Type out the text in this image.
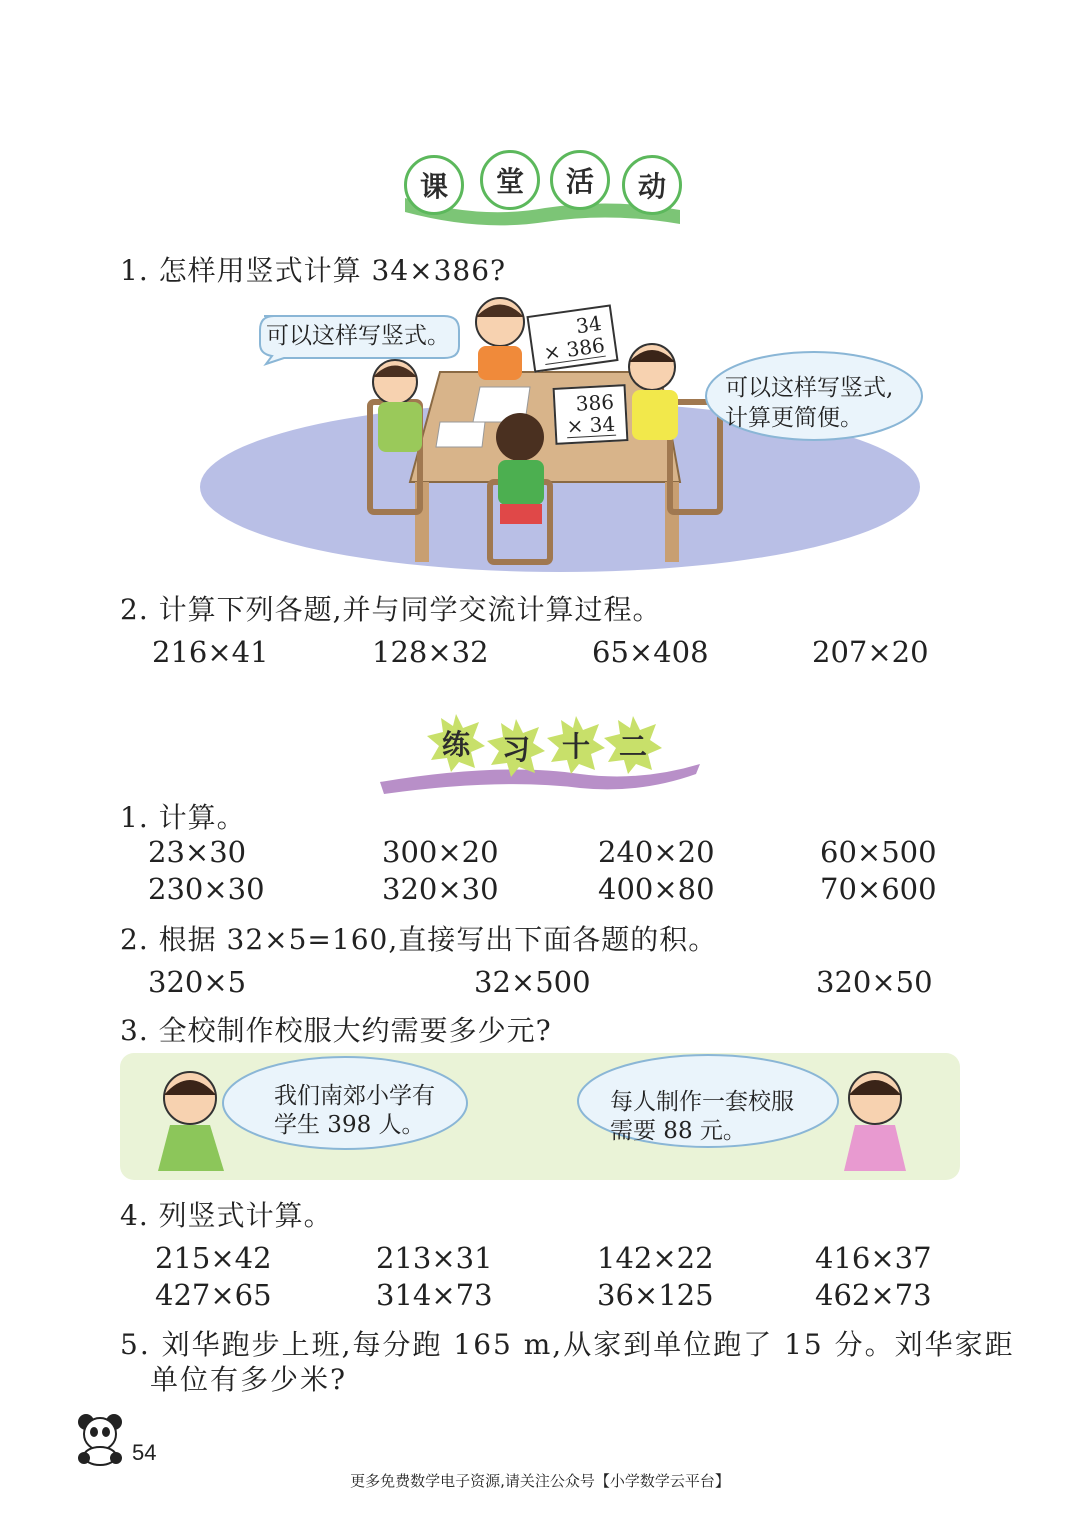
课	堂	活	动
1. 怎样用竖式计算 34×386?
34
× 386
386
× 34
可以这样写竖式。
可以这样写竖式,
计算更简便。
2. 计算下列各题,并与同学交流计算过程。
216×41	128×32	65×408	207×20
练 习 十 二
1. 计算。
23×30	300×20	240×20	60×500
230×30	320×30	400×80	70×600
2. 根据 32×5=160,直接写出下面各题的积。
320×5	32×500	320×50
3. 全校制作校服大约需要多少元?
我们南郊小学有
学生 398 人。
每人制作一套校服
需要 88 元。
4. 列竖式计算。
215×42	213×31	142×22	416×37
427×65	314×73	36×125	462×73
5. 刘华跑步上班,每分跑 165 m,从家到单位跑了 15 分。刘华家距
单位有多少米?
54
更多免费数学电子资源,请关注公众号【小学数学云平台】
